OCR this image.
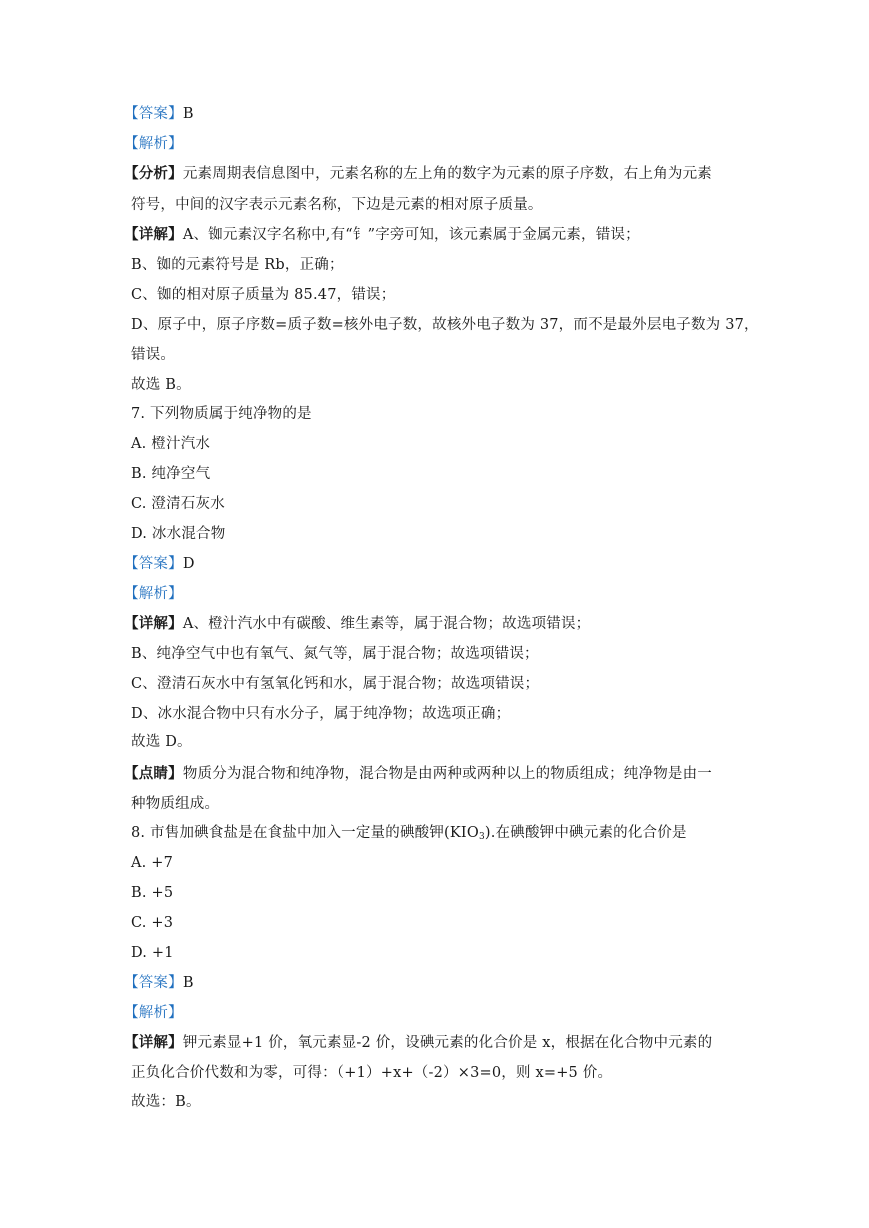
【答案】B
【解析】
【分析】元素周期表信息图中，元素名称的左上角的数字为元素的原子序数，右上角为元素
符号，中间的汉字表示元素名称，下边是元素的相对原子质量。
【详解】A、铷元素汉字名称中,有“钅”字旁可知，该元素属于金属元素，错误；
B、铷的元素符号是 Rb，正确；
C、铷的相对原子质量为 85.47，错误；
D、原子中，原子序数=质子数=核外电子数，故核外电子数为 37，而不是最外层电子数为 37，
错误。
故选 B。
7. 下列物质属于纯净物的是
A. 橙汁汽水
B. 纯净空气
C. 澄清石灰水
D. 冰水混合物
【答案】D
【解析】
【详解】A、橙汁汽水中有碳酸、维生素等，属于混合物；故选项错误；
B、纯净空气中也有氧气、氮气等，属于混合物；故选项错误；
C、澄清石灰水中有氢氧化钙和水，属于混合物；故选项错误；
D、冰水混合物中只有水分子，属于纯净物；故选项正确；
故选 D。
【点睛】物质分为混合物和纯净物，混合物是由两种或两种以上的物质组成；纯净物是由一
种物质组成。
8. 市售加碘食盐是在食盐中加入一定量的碘酸钾$(KIO_3)$.在碘酸钾中碘元素的化合价是
A. +7
B. +5
C. +3
D. +1
【答案】B
【解析】
【详解】钾元素显+1 价，氧元素显-2 价，设碘元素的化合价是 x，根据在化合物中元素的
正负化合价代数和为零，可得：（+1）+x+（-2）×3=0，则 x=+5 价。
故选：B。
